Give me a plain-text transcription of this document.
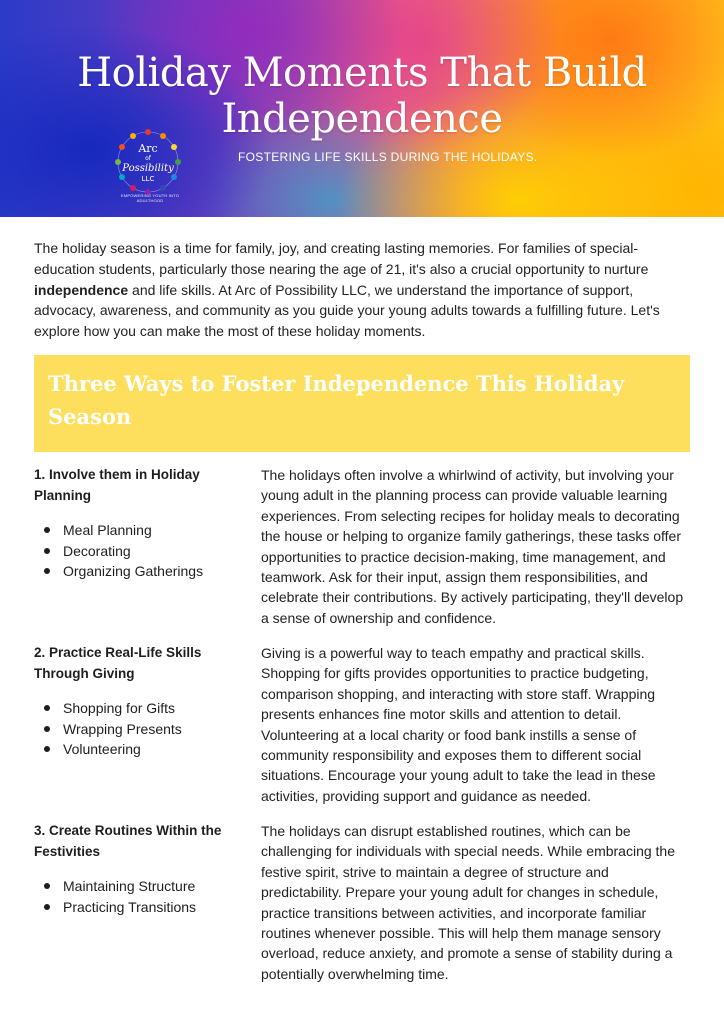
Holiday Moments That Build
Independence
Arc
of
Possibility
LLC
EMPOWERING YOUTH INTO ADULTHOOD
FOSTERING LIFE SKILLS DURING THE HOLIDAYS.
The holiday season is a time for family, joy, and creating lasting memories. For families of special-education students, particularly those nearing the age of 21, it's also a crucial opportunity to nurture independence and life skills. At Arc of Possibility LLC, we understand the importance of support, advocacy, awareness, and community as you guide your young adults towards a fulfilling future. Let's explore how you can make the most of these holiday moments.
Three Ways to Foster Independence This Holiday Season
1. Involve them in Holiday Planning
Meal Planning
Decorating
Organizing Gatherings
The holidays often involve a whirlwind of activity, but involving your young adult in the planning process can provide valuable learning experiences. From selecting recipes for holiday meals to decorating the house or helping to organize family gatherings, these tasks offer opportunities to practice decision-making, time management, and teamwork. Ask for their input, assign them responsibilities, and celebrate their contributions. By actively participating, they'll develop a sense of ownership and confidence.
2. Practice Real-Life Skills Through Giving
Shopping for Gifts
Wrapping Presents
Volunteering
Giving is a powerful way to teach empathy and practical skills. Shopping for gifts provides opportunities to practice budgeting, comparison shopping, and interacting with store staff. Wrapping presents enhances fine motor skills and attention to detail. Volunteering at a local charity or food bank instills a sense of community responsibility and exposes them to different social situations. Encourage your young adult to take the lead in these activities, providing support and guidance as needed.
3. Create Routines Within the Festivities
Maintaining Structure
Practicing Transitions
The holidays can disrupt established routines, which can be challenging for individuals with special needs. While embracing the festive spirit, strive to maintain a degree of structure and predictability. Prepare your young adult for changes in schedule, practice transitions between activities, and incorporate familiar routines whenever possible. This will help them manage sensory overload, reduce anxiety, and promote a sense of stability during a potentially overwhelming time.
